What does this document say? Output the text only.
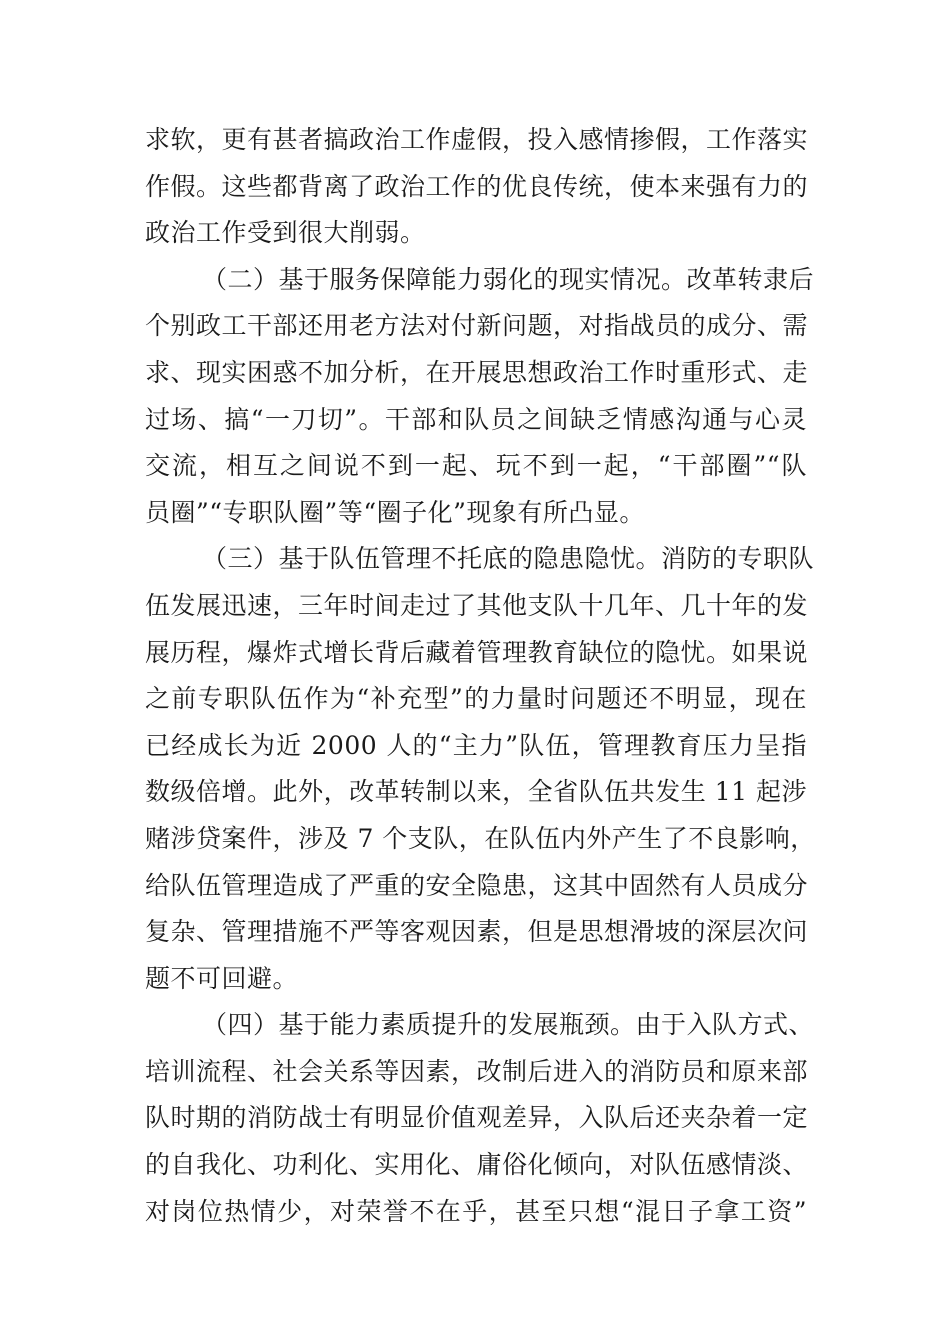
求软，更有甚者搞政治工作虚假，投入感情掺假，工作落实
作假。这些都背离了政治工作的优良传统，使本来强有力的
政治工作受到很大削弱。
（二）基于服务保障能力弱化的现实情况。改革转隶后
个别政工干部还用老方法对付新问题，对指战员的成分、需
求、现实困惑不加分析，在开展思想政治工作时重形式、走
过场、搞“一刀切”。干部和队员之间缺乏情感沟通与心灵
交流，相互之间说不到一起、玩不到一起，“干部圈”“队
员圈”“专职队圈”等“圈子化”现象有所凸显。
（三）基于队伍管理不托底的隐患隐忧。消防的专职队
伍发展迅速，三年时间走过了其他支队十几年、几十年的发
展历程，爆炸式增长背后藏着管理教育缺位的隐忧。如果说
之前专职队伍作为“补充型”的力量时问题还不明显，现在
已经成长为近 2000 人的“主力”队伍，管理教育压力呈指
数级倍增。此外，改革转制以来，全省队伍共发生 11 起涉
赌涉贷案件，涉及 7 个支队，在队伍内外产生了不良影响，
给队伍管理造成了严重的安全隐患，这其中固然有人员成分
复杂、管理措施不严等客观因素，但是思想滑坡的深层次问
题不可回避。
（四）基于能力素质提升的发展瓶颈。由于入队方式、
培训流程、社会关系等因素，改制后进入的消防员和原来部
队时期的消防战士有明显价值观差异，入队后还夹杂着一定
的自我化、功利化、实用化、庸俗化倾向，对队伍感情淡、
对岗位热情少，对荣誉不在乎，甚至只想“混日子拿工资”
